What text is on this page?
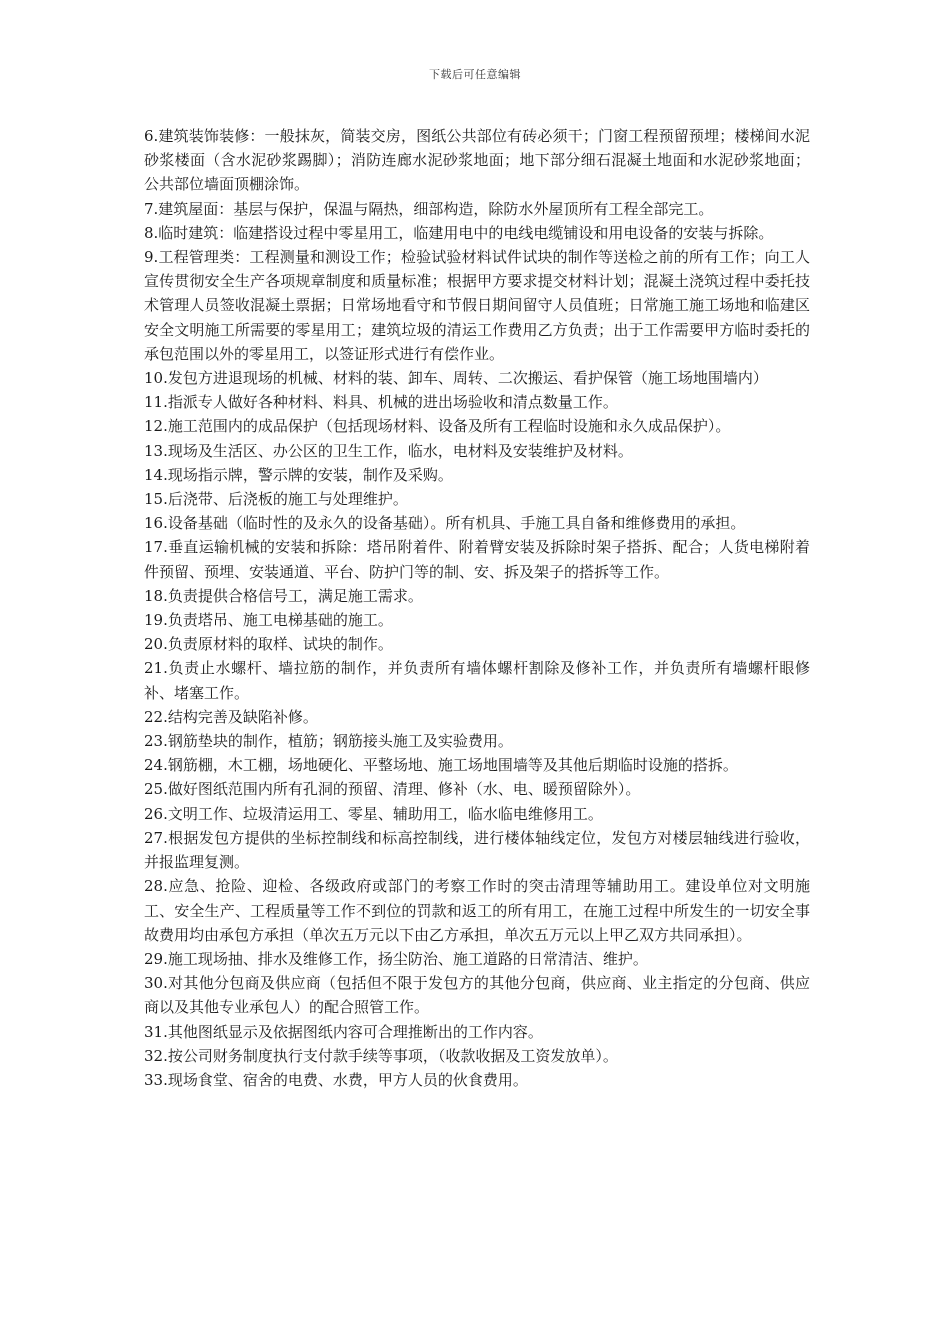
下载后可任意编辑

6.建筑装饰装修：一般抹灰，简装交房，图纸公共部位有砖必须干；门窗工程预留预埋；楼梯间水泥砂浆楼面（含水泥砂浆踢脚）；消防连廊水泥砂浆地面；地下部分细石混凝土地面和水泥砂浆地面；公共部位墙面顶棚涂饰。

7.建筑屋面：基层与保护，保温与隔热，细部构造，除防水外屋顶所有工程全部完工。

8.临时建筑：临建搭设过程中零星用工，临建用电中的电线电缆铺设和用电设备的安装与拆除。

9.工程管理类：工程测量和测设工作；检验试验材料试件试块的制作等送检之前的所有工作；向工人宣传贯彻安全生产各项规章制度和质量标准；根据甲方要求提交材料计划；混凝土浇筑过程中委托技术管理人员签收混凝土票据；日常场地看守和节假日期间留守人员值班；日常施工施工场地和临建区安全文明施工所需要的零星用工；建筑垃圾的清运工作费用乙方负责；出于工作需要甲方临时委托的承包范围以外的零星用工，以签证形式进行有偿作业。

10.发包方进退现场的机械、材料的装、卸车、周转、二次搬运、看护保管（施工场地围墙内）

11.指派专人做好各种材料、料具、机械的进出场验收和清点数量工作。

12.施工范围内的成品保护（包括现场材料、设备及所有工程临时设施和永久成品保护）。

13.现场及生活区、办公区的卫生工作，临水，电材料及安装维护及材料。

14.现场指示牌，警示牌的安装，制作及采购。

15.后浇带、后浇板的施工与处理维护。

16.设备基础（临时性的及永久的设备基础）。所有机具、手施工具自备和维修费用的承担。

17.垂直运输机械的安装和拆除：塔吊附着件、附着臂安装及拆除时架子搭拆、配合；人货电梯附着件预留、预埋、安装通道、平台、防护门等的制、安、拆及架子的搭拆等工作。

18.负责提供合格信号工，满足施工需求。

19.负责塔吊、施工电梯基础的施工。

20.负责原材料的取样、试块的制作。

21.负责止水螺杆、墙拉筋的制作，并负责所有墙体螺杆割除及修补工作，并负责所有墙螺杆眼修补、堵塞工作。

22.结构完善及缺陷补修。

23.钢筋垫块的制作，植筋；钢筋接头施工及实验费用。

24.钢筋棚，木工棚，场地硬化、平整场地、施工场地围墙等及其他后期临时设施的搭拆。

25.做好图纸范围内所有孔洞的预留、清理、修补（水、电、暖预留除外）。

26.文明工作、垃圾清运用工、零星、辅助用工，临水临电维修用工。

27.根据发包方提供的坐标控制线和标高控制线，进行楼体轴线定位，发包方对楼层轴线进行验收，并报监理复测。

28.应急、抢险、迎检、各级政府或部门的考察工作时的突击清理等辅助用工。建设单位对文明施工、安全生产、工程质量等工作不到位的罚款和返工的所有用工，在施工过程中所发生的一切安全事故费用均由承包方承担（单次五万元以下由乙方承担，单次五万元以上甲乙双方共同承担）。

29.施工现场抽、排水及维修工作，扬尘防治、施工道路的日常清洁、维护。

30.对其他分包商及供应商（包括但不限于发包方的其他分包商，供应商、业主指定的分包商、供应商以及其他专业承包人）的配合照管工作。

31.其他图纸显示及依据图纸内容可合理推断出的工作内容。

32.按公司财务制度执行支付款手续等事项，（收款收据及工资发放单）。

33.现场食堂、宿舍的电费、水费，甲方人员的伙食费用。
